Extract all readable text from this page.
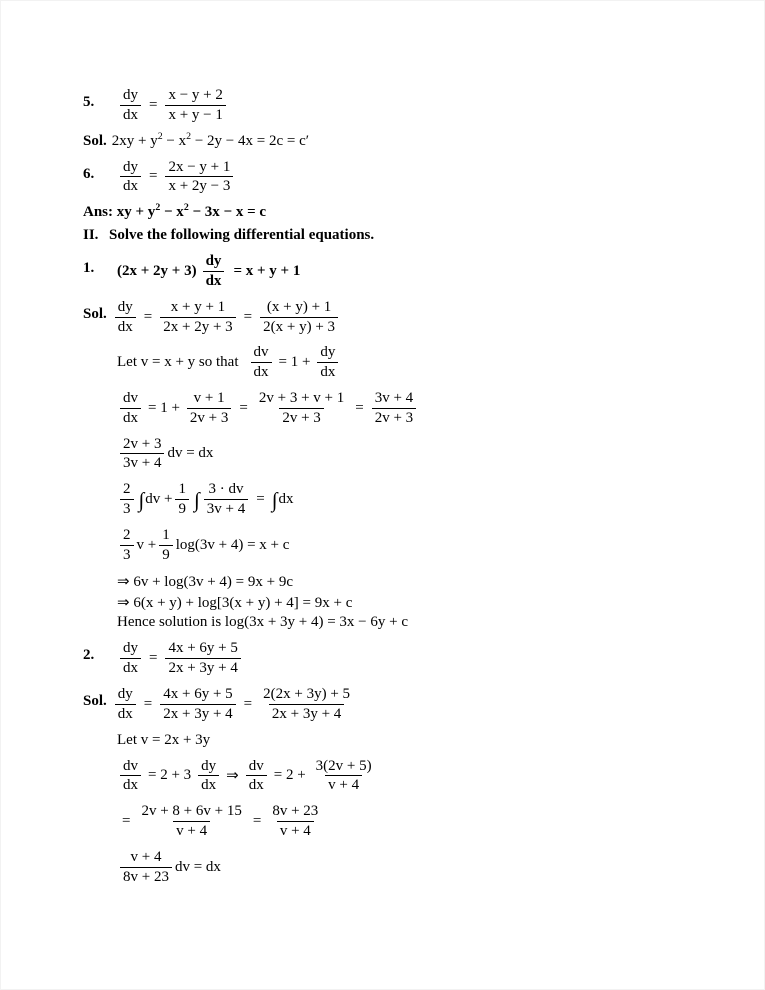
5.	$\frac{dy}{dx} = \frac{x - y + 2}{x + y - 1}$
Sol. $2xy + y^2 - x^2 - 2y - 4x = 2c = c'$
6.	$\frac{dy}{dx} = \frac{2x - y + 1}{x + 2y - 3}$
Ans: xy + $y^2 - x^2 - 3x - x = c$
II. Solve the following differential equations.
1.	$(2x + 2y + 3) \frac{dy}{dx} = x + y + 1$
Sol. $\frac{dy}{dx} = \frac{x + y + 1}{2x + 2y + 3} = \frac{(x + y) + 1}{2(x + y) + 3}$
Let v = x + y so that $\frac{dv}{dx} = 1 + \frac{dy}{dx}$
$\frac{dv}{dx} = 1 + \frac{v + 1}{2v + 3} = \frac{2v + 3 + v + 1}{2v + 3} = \frac{3v + 4}{2v + 3}$
$\frac{2v + 3}{3v + 4}$ dv = dx
$\frac{2}{3}$ ∫ dv + $\frac{1}{9}$ ∫ $\frac{3 \cdot dv}{3v + 4}$ = ∫ dx
$\frac{2}{3}$ $v + \frac{1}{9} \log(3v + 4) = x + c$
⇒ 6v + log(3v + 4) = 9x + 9c
⇒ 6(x + y) + log[3(x + y) + 4] = 9x + c
Hence solution is log(3x + 3y + 4) = 3x − 6y + c
2.	$\frac{dy}{dx} = \frac{4x + 6y + 5}{2x + 3y + 4}$
Sol. $\frac{dy}{dx} = \frac{4x + 6y + 5}{2x + 3y + 4} = \frac{2(2x + 3y) + 5}{2x + 3y + 4}$
Let v = 2x + 3y
$\frac{dv}{dx} = 2 + 3 \frac{dy}{dx}$ ⇒ $\frac{dv}{dx} = 2 + \frac{3(2v + 5)}{v + 4}$
= $\frac{2v + 8 + 6v + 15}{v + 4} = \frac{8v + 23}{v + 4}$
$\frac{v + 4}{8v + 23}$ dv = dx
